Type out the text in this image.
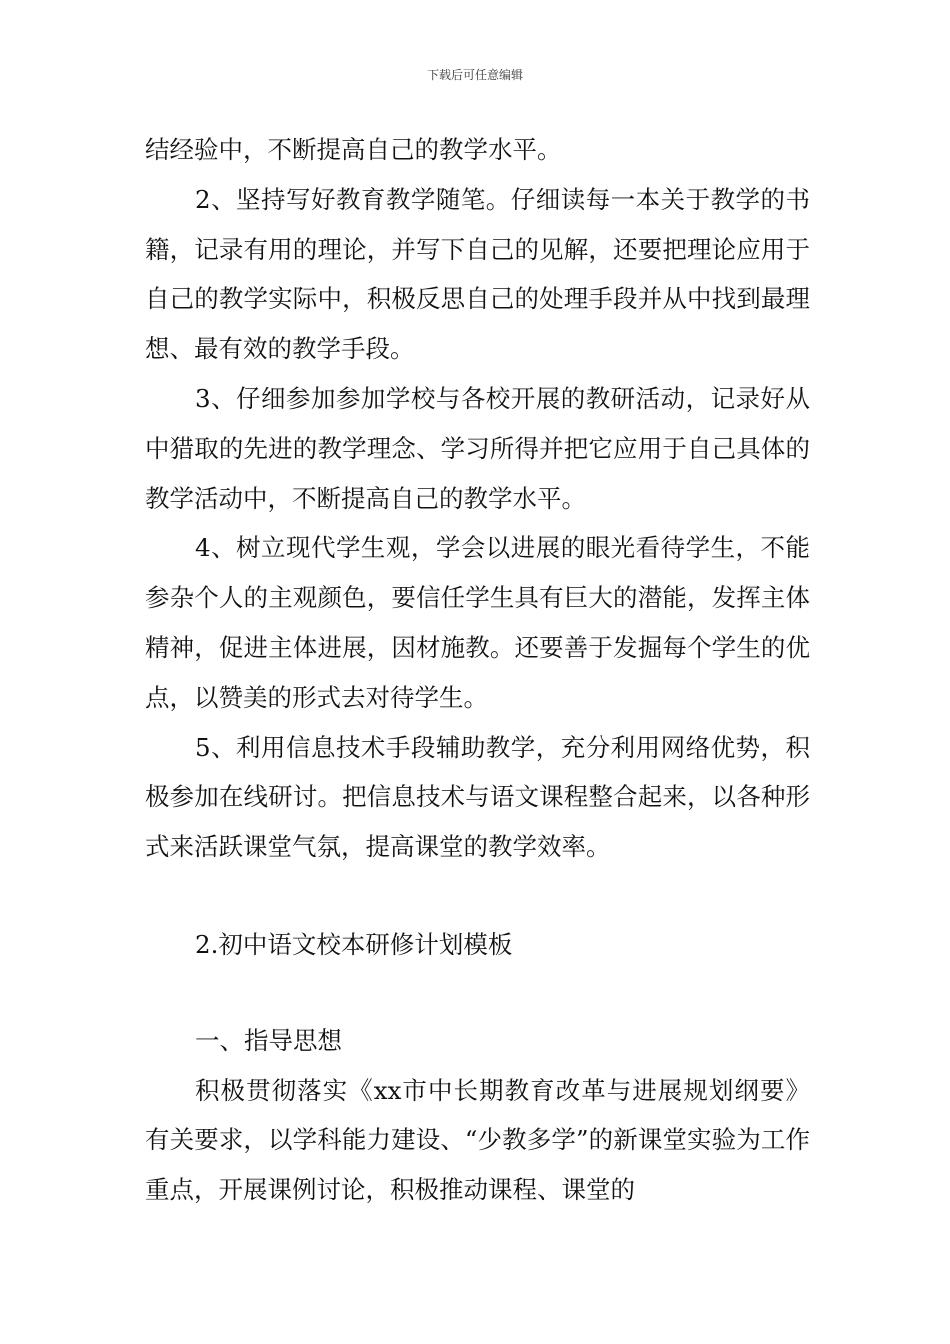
下载后可任意编辑

结经验中，不断提高自己的教学水平。

2、坚持写好教育教学随笔。仔细读每一本关于教学的书籍，记录有用的理论，并写下自己的见解，还要把理论应用于自己的教学实际中，积极反思自己的处理手段并从中找到最理想、最有效的教学手段。

3、仔细参加参加学校与各校开展的教研活动，记录好从中猎取的先进的教学理念、学习所得并把它应用于自己具体的教学活动中，不断提高自己的教学水平。

4、树立现代学生观，学会以进展的眼光看待学生，不能参杂个人的主观颜色，要信任学生具有巨大的潜能，发挥主体精神，促进主体进展，因材施教。还要善于发掘每个学生的优点，以赞美的形式去对待学生。

5、利用信息技术手段辅助教学，充分利用网络优势，积极参加在线研讨。把信息技术与语文课程整合起来，以各种形式来活跃课堂气氛，提高课堂的教学效率。

2.初中语文校本研修计划模板

一、指导思想

积极贯彻落实《xx市中长期教育改革与进展规划纲要》有关要求，以学科能力建设、“少教多学”的新课堂实验为工作重点，开展课例讨论，积极推动课程、课堂的
